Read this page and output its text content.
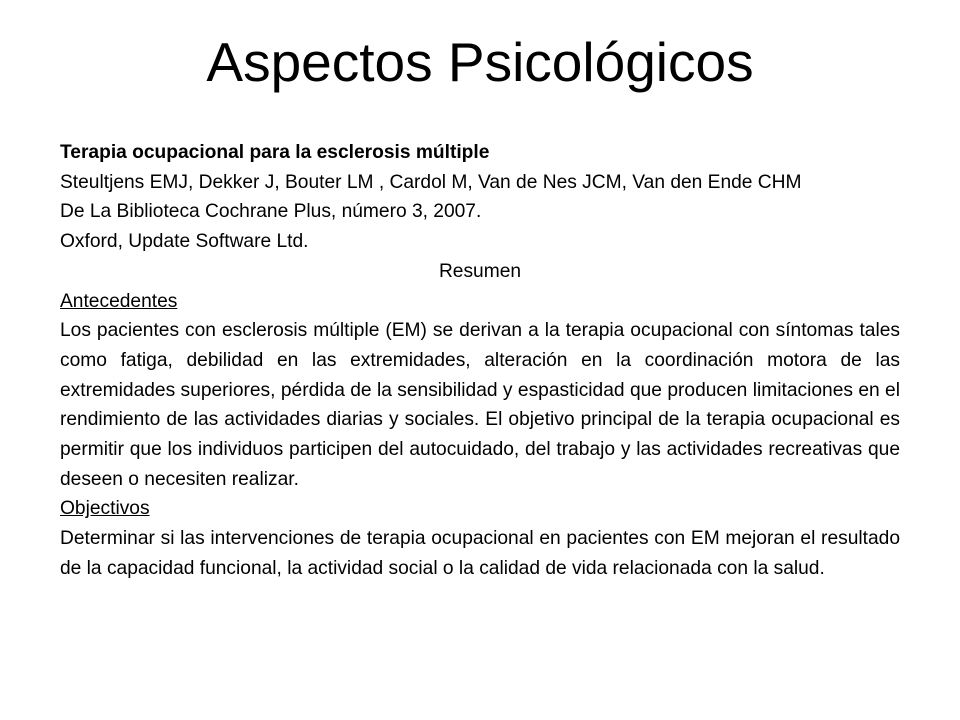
Aspectos Psicológicos
Terapia ocupacional para la esclerosis múltiple
Steultjens EMJ, Dekker J, Bouter LM , Cardol M, Van de Nes JCM, Van den Ende CHM
De La Biblioteca Cochrane Plus, número 3, 2007.
Oxford, Update Software Ltd.
Resumen
Antecedentes
Los pacientes con esclerosis múltiple (EM) se derivan a la terapia ocupacional con síntomas tales como fatiga, debilidad en las extremidades, alteración en la coordinación motora de las extremidades superiores, pérdida de la sensibilidad y espasticidad que producen limitaciones en el rendimiento de las actividades diarias y sociales. El objetivo principal de la terapia ocupacional es permitir que los individuos participen del autocuidado, del trabajo y las actividades recreativas que deseen o necesiten realizar.
Objectivos
Determinar si las intervenciones de terapia ocupacional en pacientes con EM mejoran el resultado de la capacidad funcional, la actividad social o la calidad de vida relacionada con la salud.
